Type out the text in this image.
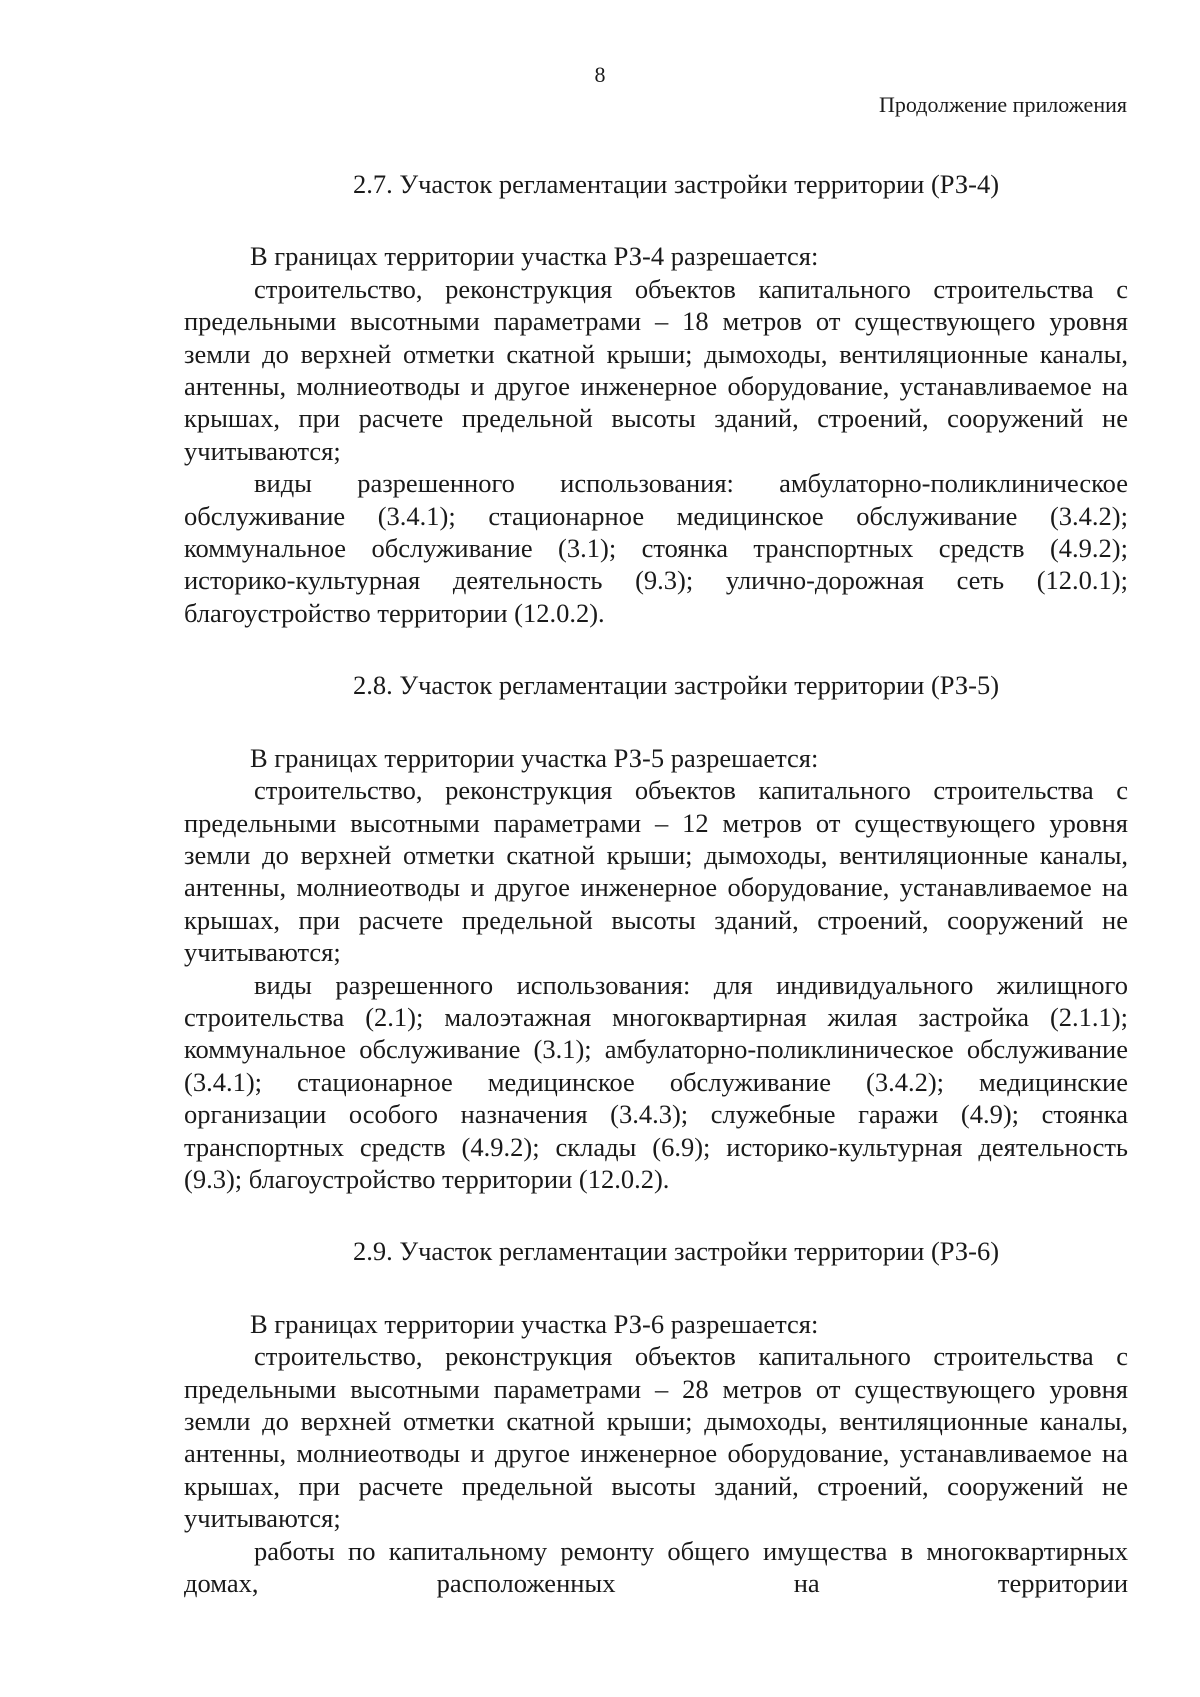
8
Продолжение приложения

2.7. Участок регламентации застройки территории (РЗ-4)

В границах территории участка РЗ-4 разрешается:

строительство, реконструкция объектов капитального строительства с предельными высотными параметрами – 18 метров от существующего уровня земли до верхней отметки скатной крыши; дымоходы, вентиляционные каналы, антенны, молниеотводы и другое инженерное оборудование, устанавливаемое на крышах, при расчете предельной высоты зданий, строений, сооружений не учитываются;

виды разрешенного использования: амбулаторно-поликлиническое обслуживание (3.4.1); стационарное медицинское обслуживание (3.4.2); коммунальное обслуживание (3.1); стоянка транспортных средств (4.9.2); историко-культурная деятельность (9.3); улично-дорожная сеть (12.0.1); благоустройство территории (12.0.2).

2.8. Участок регламентации застройки территории (РЗ-5)

В границах территории участка РЗ-5 разрешается:

строительство, реконструкция объектов капитального строительства с предельными высотными параметрами – 12 метров от существующего уровня земли до верхней отметки скатной крыши; дымоходы, вентиляционные каналы, антенны, молниеотводы и другое инженерное оборудование, устанавливаемое на крышах, при расчете предельной высоты зданий, строений, сооружений не учитываются;

виды разрешенного использования: для индивидуального жилищного строительства (2.1); малоэтажная многоквартирная жилая застройка (2.1.1); коммунальное обслуживание (3.1); амбулаторно-поликлиническое обслуживание (3.4.1); стационарное медицинское обслуживание (3.4.2); медицинские организации особого назначения (3.4.3); служебные гаражи (4.9); стоянка транспортных средств (4.9.2); склады (6.9); историко-культурная деятельность (9.3); благоустройство территории (12.0.2).

2.9. Участок регламентации застройки территории (РЗ-6)

В границах территории участка РЗ-6 разрешается:

строительство, реконструкция объектов капитального строительства с предельными высотными параметрами – 28 метров от существующего уровня земли до верхней отметки скатной крыши; дымоходы, вентиляционные каналы, антенны, молниеотводы и другое инженерное оборудование, устанавливаемое на крышах, при расчете предельной высоты зданий, строений, сооружений не учитываются;

работы по капитальному ремонту общего имущества в многоквартирных домах, расположенных на территории
